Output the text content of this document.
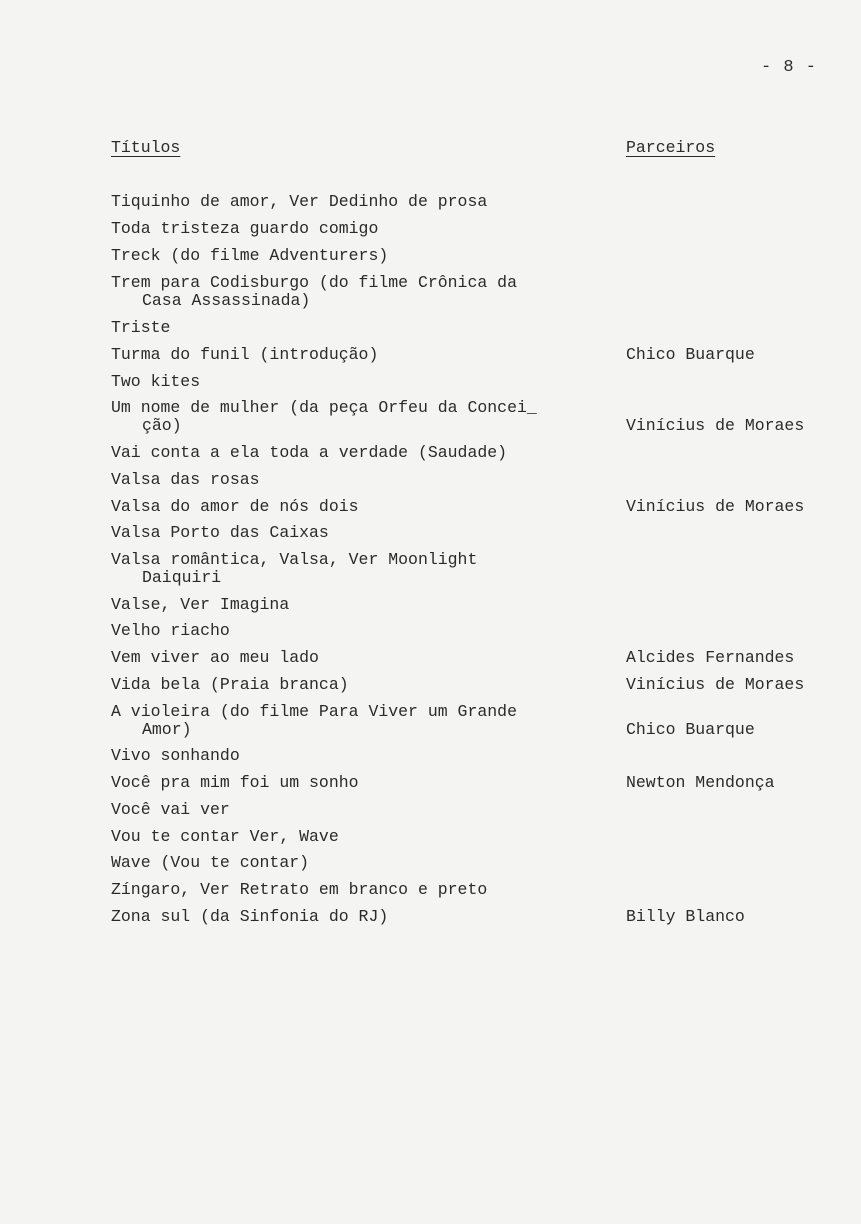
- 8 -
Títulos	Parceiros
Tiquinho de amor, Ver Dedinho de prosa
Toda tristeza guardo comigo
Treck (do filme Adventurers)
Trem para Codisburgo (do filme Crônica da
Casa Assassinada)
Triste
Turma do funil (introdução)	Chico Buarque
Two kites
Um nome de mulher (da peça Orfeu da Concei_
ção)	Vinícius de Moraes
Vai conta a ela toda a verdade (Saudade)
Valsa das rosas
Valsa do amor de nós dois	Vinícius de Moraes
Valsa Porto das Caixas
Valsa romântica, Valsa, Ver Moonlight
Daiquiri
Valse, Ver Imagina
Velho riacho
Vem viver ao meu lado	Alcides Fernandes
Vida bela (Praia branca)	Vinícius de Moraes
A violeira (do filme Para Viver um Grande
Amor)	Chico Buarque
Vivo sonhando
Você pra mim foi um sonho	Newton Mendonça
Você vai ver
Vou te contar Ver, Wave
Wave (Vou te contar)
Zíngaro, Ver Retrato em branco e preto
Zona sul (da Sinfonia do RJ)	Billy Blanco
